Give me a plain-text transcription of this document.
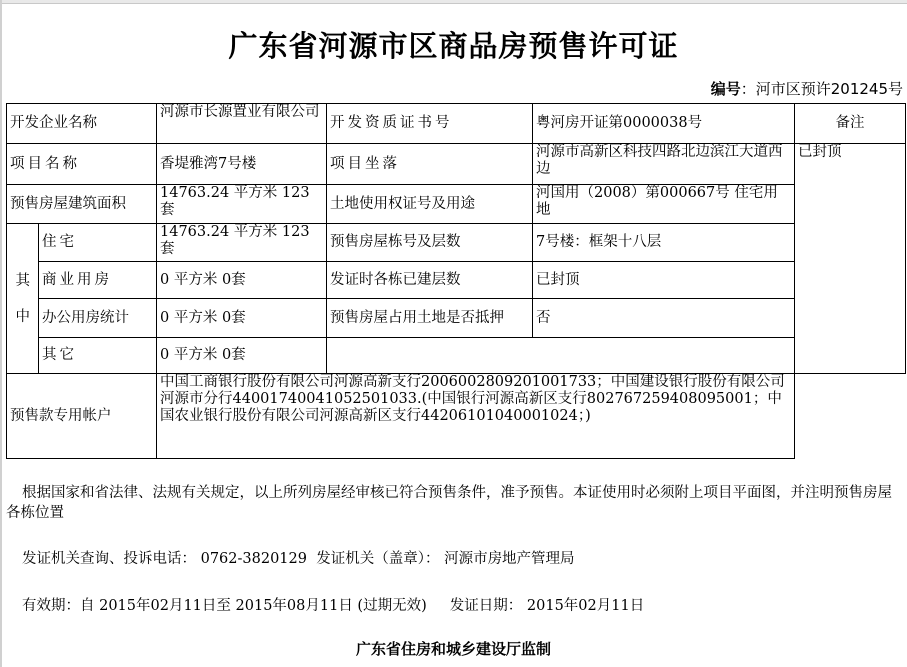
广东省河源市区商品房预售许可证
编号：河市区预许201245号
开发企业名称		河源市长源置业有限公司	开发资质证书号	粤河房开证第0000038号	备注
项目名称		香堤雅湾7号楼	项目坐落	河源市高新区科技四路北边滨江大道西边	已封顶
预售房屋建筑面积		14763.24 平方米 123套	土地使用权证号及用途	河国用（2008）第000667号 住宅用地	
其中	住宅	14763.24 平方米 123套	预售房屋栋号及层数	7号楼：框架十八层	
	商业用房	0 平方米 0套	发证时各栋已建层数	已封顶	
	办公用房统计	0 平方米 0套	预售房屋占用土地是否抵押	否	
	其它	0 平方米 0套			
预售款专用帐户		中国工商银行股份有限公司河源高新支行2006002809201001733；中国建设银行股份有限公司河源市分行44001740041052501033.(中国银行河源高新区支行802767259408095001；中国农业银行股份有限公司河源高新区支行44206101040001024；)			
根据国家和省法律、法规有关规定，以上所列房屋经审核已符合预售条件，准予预售。本证使用时必须附上项目平面图，并注明预售房屋各栋位置
发证机关查询、投诉电话： 0762-3820129  发证机关（盖章）： 河源市房地产管理局
有效期：自 2015年02月11日至 2015年08月11日 (过期无效)     发证日期： 2015年02月11日
广东省住房和城乡建设厅监制
